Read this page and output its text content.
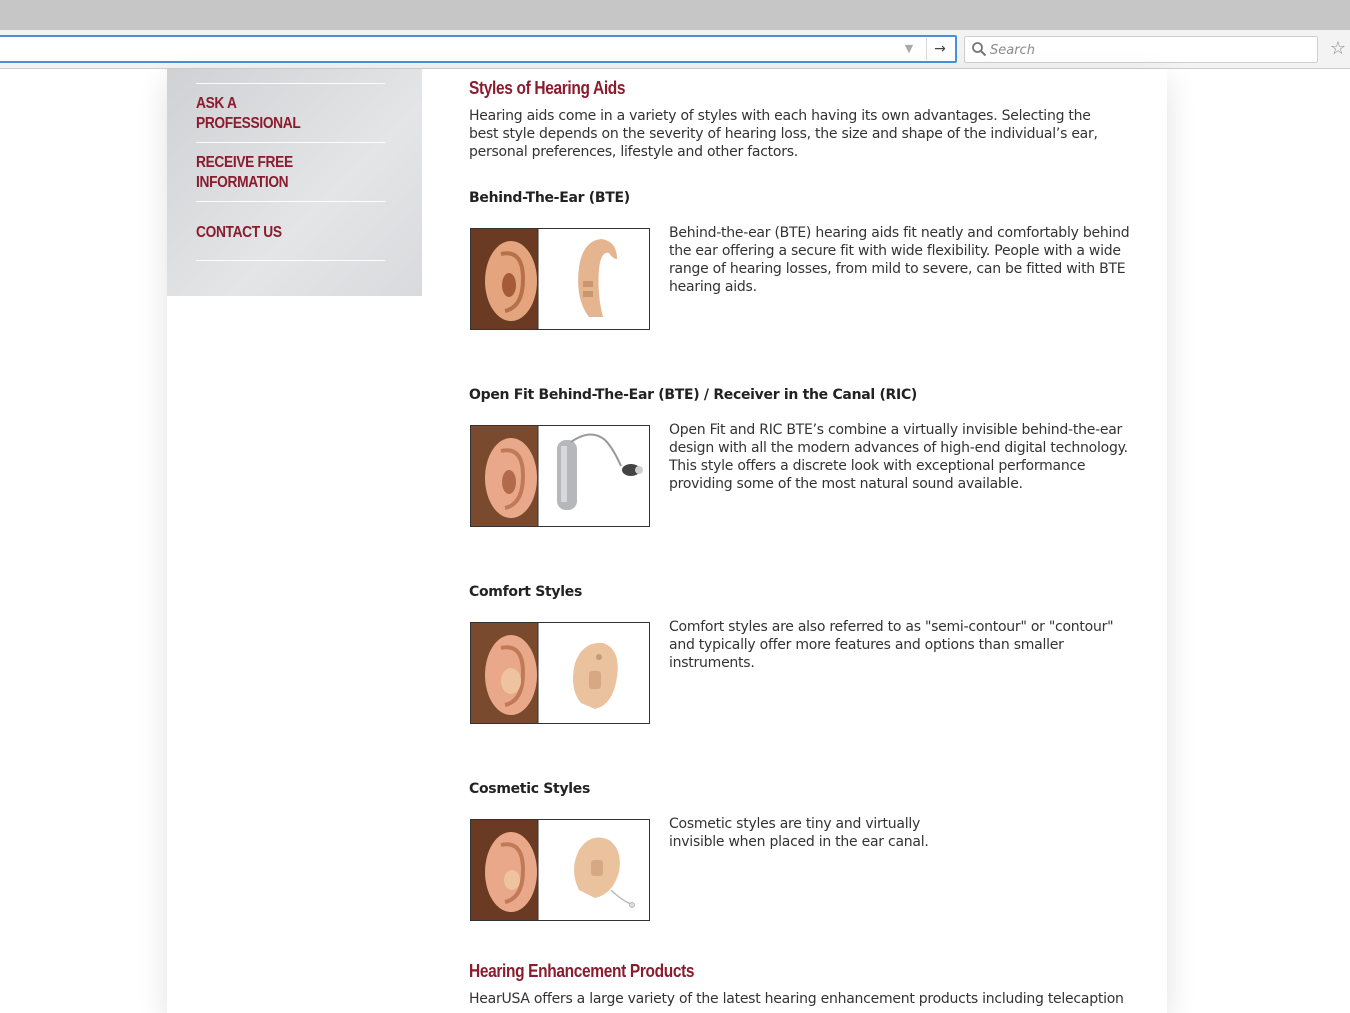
▼ →
Search	☆
ASK A
PROFESSIONAL
RECEIVE FREE
INFORMATION
CONTACT US
Styles of Hearing Aids
Hearing aids come in a variety of styles with each having its own advantages. Selecting the best style depends on the severity of hearing loss, the size and shape of the individual’s ear, personal preferences, lifestyle and other factors.
Behind-The-Ear (BTE)
Behind-the-ear (BTE) hearing aids fit neatly and comfortably behind the ear offering a secure fit with wide flexibility. People with a wide range of hearing losses, from mild to severe, can be fitted with BTE hearing aids.
Open Fit Behind-The-Ear (BTE) / Receiver in the Canal (RIC)
Open Fit and RIC BTE’s combine a virtually invisible behind-the-ear design with all the modern advances of high-end digital technology. This style offers a discrete look with exceptional performance providing some of the most natural sound available.
Comfort Styles
Comfort styles are also referred to as "semi-contour" or "contour" and typically offer more features and options than smaller instruments.
Cosmetic Styles
Cosmetic styles are tiny and virtually invisible when placed in the ear canal.
Hearing Enhancement Products
HearUSA offers a large variety of the latest hearing enhancement products including telecaption
